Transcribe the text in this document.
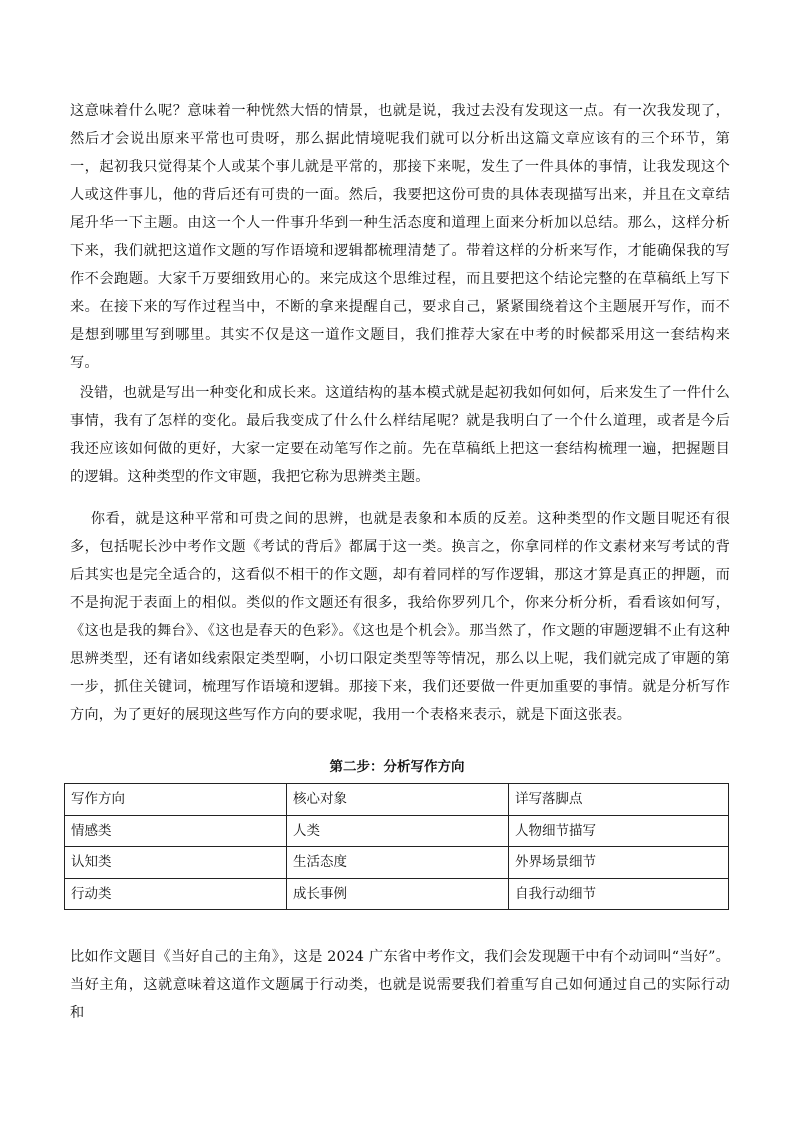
这意味着什么呢？意味着一种恍然大悟的情景，也就是说，我过去没有发现这一点。有一次我发现了，然后才会说出原来平常也可贵呀，那么据此情境呢我们就可以分析出这篇文章应该有的三个环节，第一，起初我只觉得某个人或某个事儿就是平常的，那接下来呢，发生了一件具体的事情，让我发现这个人或这件事儿，他的背后还有可贵的一面。然后，我要把这份可贵的具体表现描写出来，并且在文章结尾升华一下主题。由这一个人一件事升华到一种生活态度和道理上面来分析加以总结。那么，这样分析下来，我们就把这道作文题的写作语境和逻辑都梳理清楚了。带着这样的分析来写作，才能确保我的写作不会跑题。大家千万要细致用心的。来完成这个思维过程，而且要把这个结论完整的在草稿纸上写下来。在接下来的写作过程当中，不断的拿来提醒自己，要求自己，紧紧围绕着这个主题展开写作，而不是想到哪里写到哪里。其实不仅是这一道作文题目，我们推荐大家在中考的时候都采用这一套结构来写。

没错，也就是写出一种变化和成长来。这道结构的基本模式就是起初我如何如何，后来发生了一件什么事情，我有了怎样的变化。最后我变成了什么什么样结尾呢？就是我明白了一个什么道理，或者是今后我还应该如何做的更好，大家一定要在动笔写作之前。先在草稿纸上把这一套结构梳理一遍，把握题目的逻辑。这种类型的作文审题，我把它称为思辨类主题。

你看，就是这种平常和可贵之间的思辨，也就是表象和本质的反差。这种类型的作文题目呢还有很多，包括呢长沙中考作文题《考试的背后》都属于这一类。换言之，你拿同样的作文素材来写考试的背后其实也是完全适合的，这看似不相干的作文题，却有着同样的写作逻辑，那这才算是真正的押题，而不是拘泥于表面上的相似。类似的作文题还有很多，我给你罗列几个，你来分析分析，看看该如何写，《这也是我的舞台》、《这也是春天的色彩》。《这也是个机会》。那当然了，作文题的审题逻辑不止有这种思辨类型，还有诸如线索限定类型啊，小切口限定类型等等情况，那么以上呢，我们就完成了审题的第一步，抓住关键词，梳理写作语境和逻辑。那接下来，我们还要做一件更加重要的事情。就是分析写作方向，为了更好的展现这些写作方向的要求呢，我用一个表格来表示，就是下面这张表。

第二步：分析写作方向
写作方向	核心对象	详写落脚点
情感类	人类	人物细节描写
认知类	生活态度	外界场景细节
行动类	成长事例	自我行动细节

比如作文题目《当好自己的主角》，这是 2024 广东省中考作文，我们会发现题干中有个动词叫“当好”。当好主角，这就意味着这道作文题属于行动类，也就是说需要我们着重写自己如何通过自己的实际行动和
